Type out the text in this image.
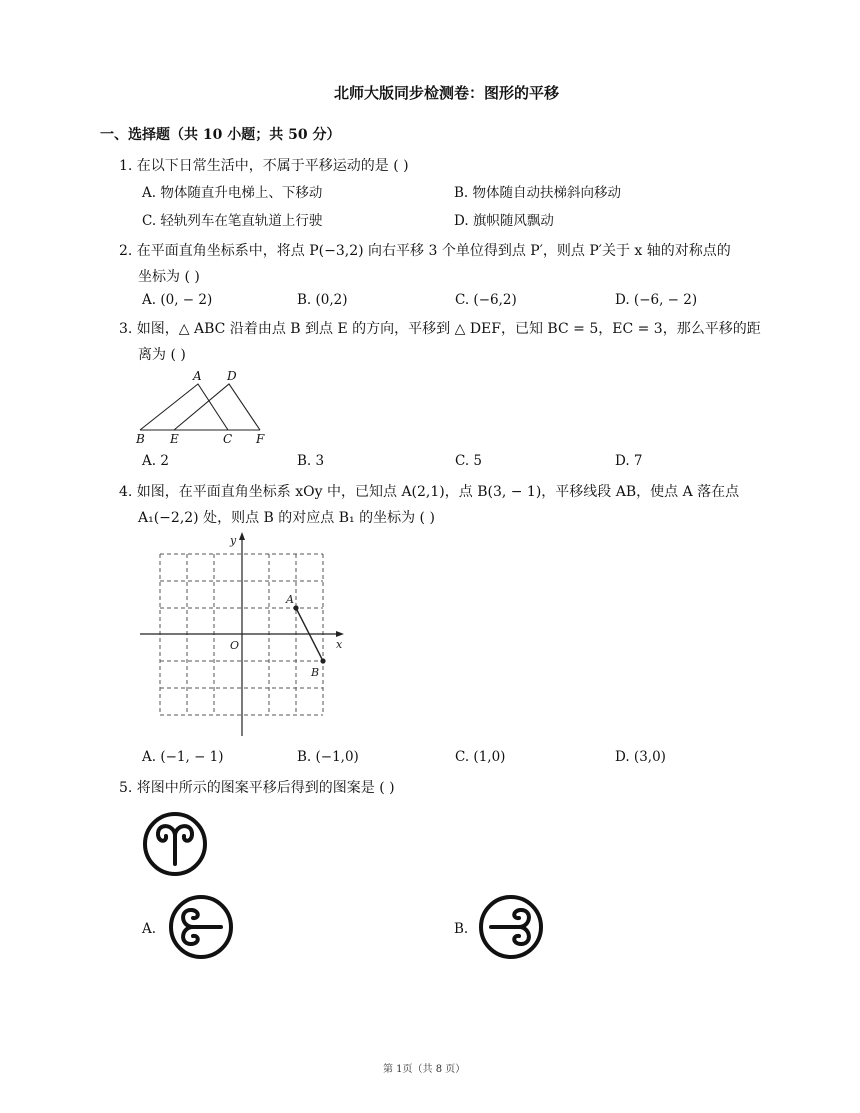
北师大版同步检测卷：图形的平移
一、选择题（共 10 小题；共 50 分）
1. 在以下日常生活中，不属于平移运动的是 ( )
A. 物体随直升电梯上、下移动	B. 物体随自动扶梯斜向移动
C. 轻轨列车在笔直轨道上行驶	D. 旗帜随风飘动
2. 在平面直角坐标系中，将点 P(−3,2) 向右平移 3 个单位得到点 P′，则点 P′关于 x 轴的对称点的
坐标为 ( )
A. (0, − 2)	B. (0,2)	C. (−6,2)	D. (−6, − 2)
3. 如图，△ ABC 沿着由点 B 到点 E 的方向，平移到 △ DEF，已知 BC = 5，EC = 3，那么平移的距
离为 ( )
A D
B E	C F
A. 2	B. 3	C. 5	D. 7
4. 如图，在平面直角坐标系 xOy 中，已知点 A(2,1)，点 B(3, − 1)，平移线段 AB，使点 A 落在点
A₁(−2,2) 处，则点 B 的对应点 B₁ 的坐标为 ( )
y
x
O
A
B
A. (−1, − 1)	B. (−1,0)	C. (1,0)	D. (3,0)
5. 将图中所示的图案平移后得到的图案是 ( )
A.	B.
第 1页（共 8 页）
